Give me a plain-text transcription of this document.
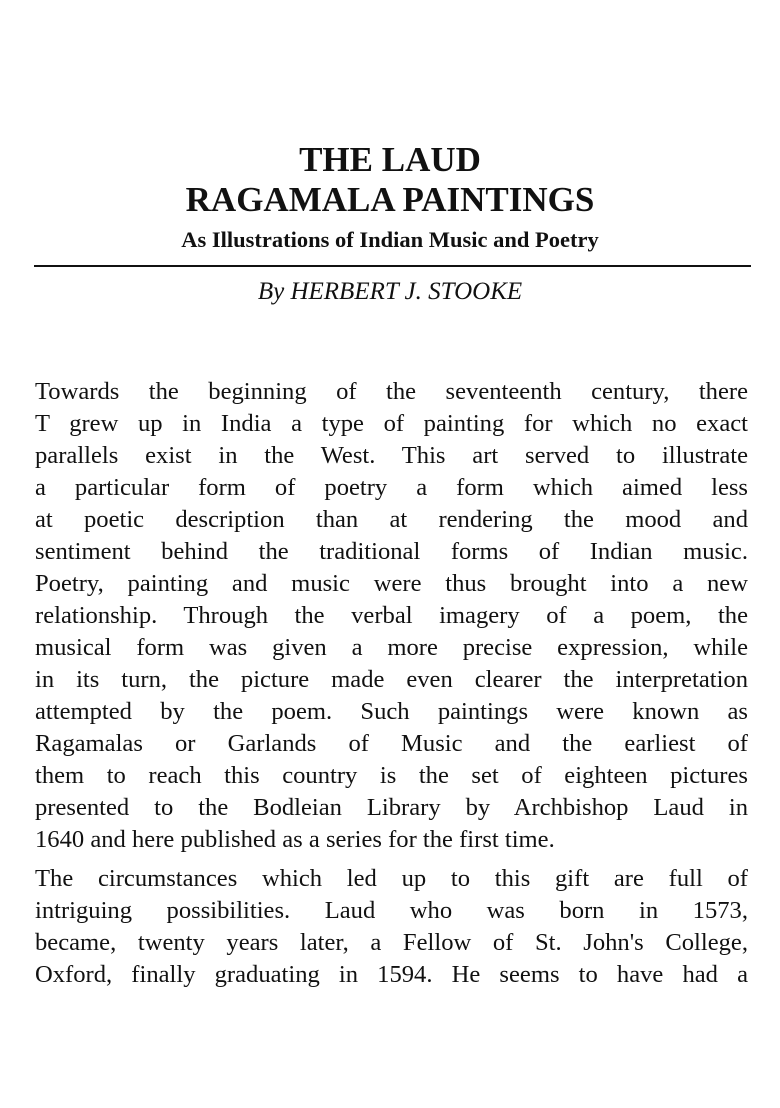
THE LAUD
RAGAMALA PAINTINGS
As Illustrations of Indian Music and Poetry
By HERBERT J. STOOKE
Towards the beginning of the seventeenth century, there
T grew up in India a type of painting for which no exact
parallels exist in the West. This art served to illustrate
a particular form of poetry a form which aimed less
at poetic description than at rendering the mood and
sentiment behind the traditional forms of Indian music.
Poetry, painting and music were thus brought into a new
relationship. Through the verbal imagery of a poem, the
musical form was given a more precise expression, while
in its turn, the picture made even clearer the interpretation
attempted by the poem. Such paintings were known as
Ragamalas or Garlands of Music and the earliest of
them to reach this country is the set of eighteen pictures
presented to the Bodleian Library by Archbishop Laud in
1640 and here published as a series for the first time.
The circumstances which led up to this gift are full of
intriguing possibilities. Laud who was born in 1573,
became, twenty years later, a Fellow of St. John's College,
Oxford, finally graduating in 1594. He seems to have had a
